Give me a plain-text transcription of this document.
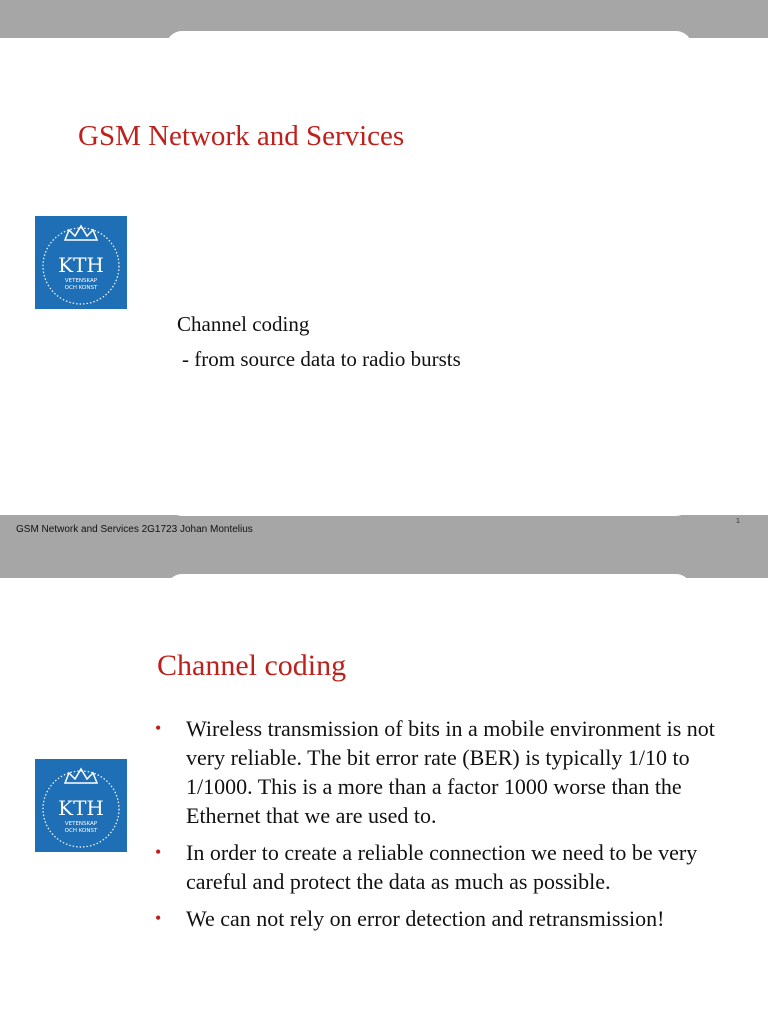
GSM Network and Services
KTH
VETENSKAP
OCH KONST
Channel coding
- from source data to radio bursts
GSM Network and Services 2G1723 Johan Montelius
1
Channel coding
KTH
VETENSKAP
OCH KONST
• Wireless transmission of bits in a mobile environment is not very reliable. The bit error rate (BER) is typically 1/10 to 1/1000. This is a more than a factor 1000 worse than the Ethernet that we are used to.
• In order to create a reliable connection we need to be very careful and protect the data as much as possible.
• We can not rely on error detection and retransmission!
